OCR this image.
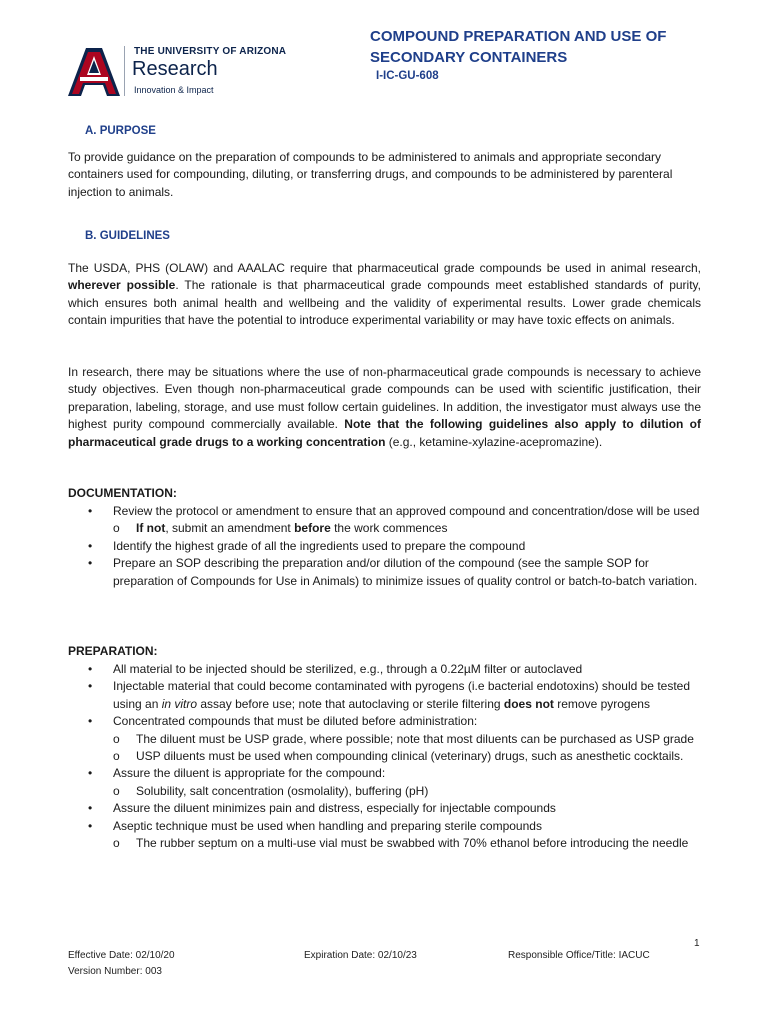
THE UNIVERSITY OF ARIZONA
Research
Innovation & Impact
COMPOUND PREPARATION AND USE OF SECONDARY CONTAINERS
I-IC-GU-608
A. PURPOSE
To provide guidance on the preparation of compounds to be administered to animals and appropriate secondary containers used for compounding, diluting, or transferring drugs, and compounds to be administered by parenteral injection to animals.
B. GUIDELINES
The USDA, PHS (OLAW) and AAALAC require that pharmaceutical grade compounds be used in animal research, wherever possible. The rationale is that pharmaceutical grade compounds meet established standards of purity, which ensures both animal health and wellbeing and the validity of experimental results. Lower grade chemicals contain impurities that have the potential to introduce experimental variability or may have toxic effects on animals.
In research, there may be situations where the use of non-pharmaceutical grade compounds is necessary to achieve study objectives. Even though non-pharmaceutical grade compounds can be used with scientific justification, their preparation, labeling, storage, and use must follow certain guidelines. In addition, the investigator must always use the highest purity compound commercially available. Note that the following guidelines also apply to dilution of pharmaceutical grade drugs to a working concentration (e.g., ketamine-xylazine-acepromazine).
DOCUMENTATION:
• Review the protocol or amendment to ensure that an approved compound and concentration/dose will be used
o If not, submit an amendment before the work commences
• Identify the highest grade of all the ingredients used to prepare the compound
• Prepare an SOP describing the preparation and/or dilution of the compound (see the sample SOP for preparation of Compounds for Use in Animals) to minimize issues of quality control or batch-to-batch variation.
PREPARATION:
• All material to be injected should be sterilized, e.g., through a 0.22µM filter or autoclaved
• Injectable material that could become contaminated with pyrogens (i.e bacterial endotoxins) should be tested using an in vitro assay before use; note that autoclaving or sterile filtering does not remove pyrogens
• Concentrated compounds that must be diluted before administration:
o The diluent must be USP grade, where possible; note that most diluents can be purchased as USP grade
o USP diluents must be used when compounding clinical (veterinary) drugs, such as anesthetic cocktails.
• Assure the diluent is appropriate for the compound:
o Solubility, salt concentration (osmolality), buffering (pH)
• Assure the diluent minimizes pain and distress, especially for injectable compounds
• Aseptic technique must be used when handling and preparing sterile compounds
o The rubber septum on a multi-use vial must be swabbed with 70% ethanol before introducing the needle
1
Effective Date: 02/10/20
Version Number: 003
Expiration Date: 02/10/23	Responsible Office/Title: IACUC
